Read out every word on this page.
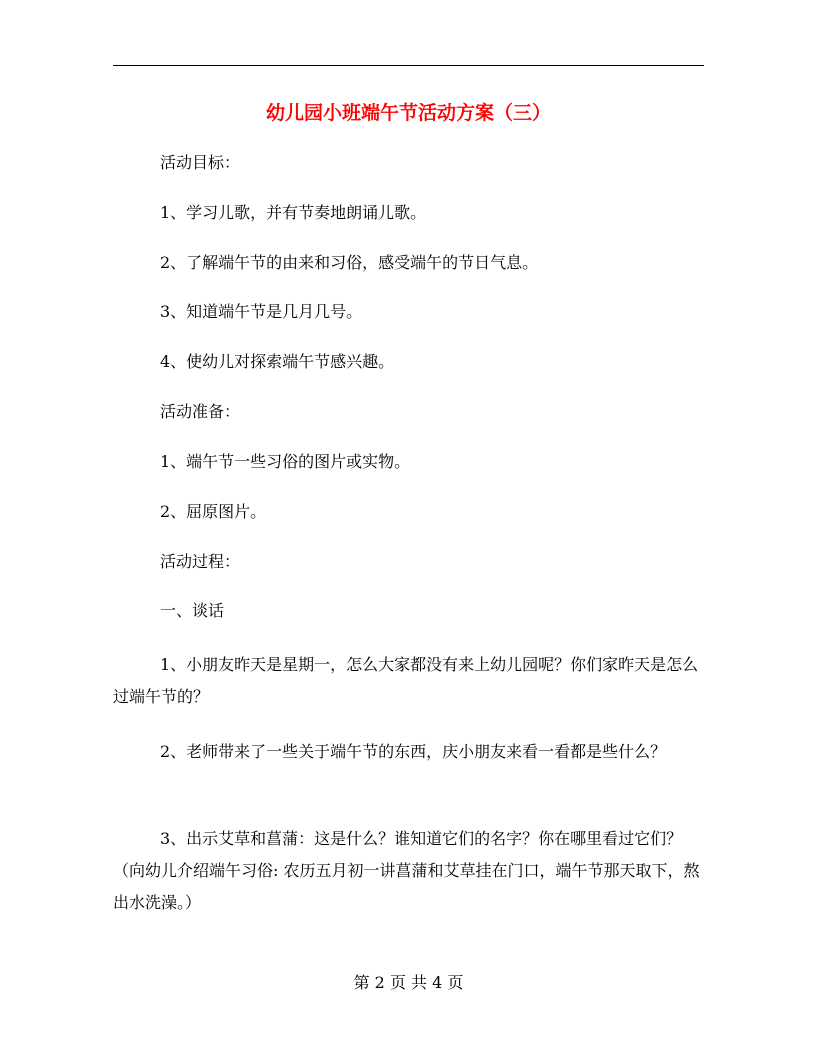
幼儿园小班端午节活动方案（三）

活动目标：

1、学习儿歌，并有节奏地朗诵儿歌。

2、了解端午节的由来和习俗，感受端午的节日气息。

3、知道端午节是几月几号。

4、使幼儿对探索端午节感兴趣。

活动准备：

1、端午节一些习俗的图片或实物。

2、屈原图片。

活动过程：

一、谈话

1、小朋友昨天是星期一，怎么大家都没有来上幼儿园呢？你们家昨天是怎么过端午节的？

2、老师带来了一些关于端午节的东西，庆小朋友来看一看都是些什么？

3、出示艾草和菖蒲：这是什么？谁知道它们的名字？你在哪里看过它们？（向幼儿介绍端午习俗: 农历五月初一讲菖蒲和艾草挂在门口，端午节那天取下，熬出水洗澡。）

第 2 页 共 4 页
